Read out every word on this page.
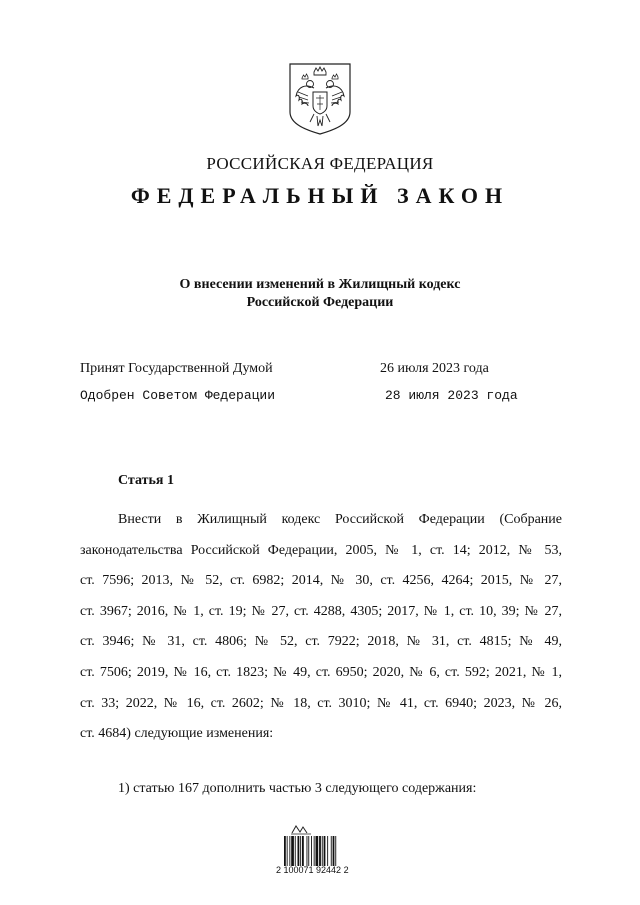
РОССИЙСКАЯ ФЕДЕРАЦИЯ
ФЕДЕРАЛЬНЫЙ ЗАКОН
О внесении изменений в Жилищный кодекс
Российской Федерации
Принят Государственной Думой	26 июля 2023 года
Одобрен Советом Федерации	28 июля 2023 года
Статья 1
Внести в Жилищный кодекс Российской Федерации (Собрание
законодательства Российской Федерации, 2005, № 1, ст. 14; 2012, № 53,
ст. 7596; 2013, № 52, ст. 6982; 2014, № 30, ст. 4256, 4264; 2015, № 27,
ст. 3967; 2016, № 1, ст. 19; № 27, ст. 4288, 4305; 2017, № 1, ст. 10, 39; № 27,
ст. 3946; № 31, ст. 4806; № 52, ст. 7922; 2018, № 31, ст. 4815; № 49,
ст. 7506; 2019, № 16, ст. 1823; № 49, ст. 6950; 2020, № 6, ст. 592; 2021, № 1,
ст. 33; 2022, № 16, ст. 2602; № 18, ст. 3010; № 41, ст. 6940; 2023, № 26,
ст. 4684) следующие изменения:
1) статью 167 дополнить частью 3 следующего содержания:
2 100071 92442 2
